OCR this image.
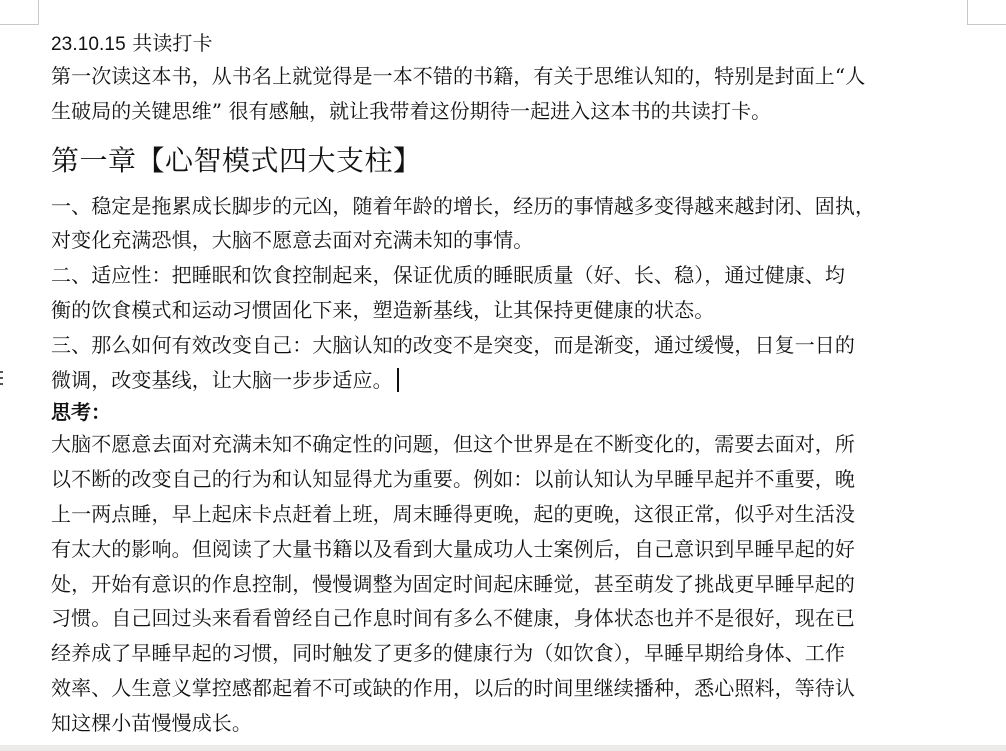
23.10.15 共读打卡
第一次读这本书，从书名上就觉得是一本不错的书籍，有关于思维认知的，特别是封面上“人
生破局的关键思维” 很有感触，就让我带着这份期待一起进入这本书的共读打卡。
第一章【心智模式四大支柱】
一、稳定是拖累成长脚步的元凶，随着年龄的增长，经历的事情越多变得越来越封闭、固执，
对变化充满恐惧，大脑不愿意去面对充满未知的事情。
二、适应性：把睡眠和饮食控制起来，保证优质的睡眠质量（好、长、稳），通过健康、均
衡的饮食模式和运动习惯固化下来，塑造新基线，让其保持更健康的状态。
三、那么如何有效改变自己：大脑认知的改变不是突变，而是渐变，通过缓慢，日复一日的
微调，改变基线，让大脑一步步适应。
思考：
大脑不愿意去面对充满未知不确定性的问题，但这个世界是在不断变化的，需要去面对，所
以不断的改变自己的行为和认知显得尤为重要。例如：以前认知认为早睡早起并不重要，晚
上一两点睡，早上起床卡点赶着上班，周末睡得更晚，起的更晚，这很正常，似乎对生活没
有太大的影响。但阅读了大量书籍以及看到大量成功人士案例后，自己意识到早睡早起的好
处，开始有意识的作息控制，慢慢调整为固定时间起床睡觉，甚至萌发了挑战更早睡早起的
习惯。自己回过头来看看曾经自己作息时间有多么不健康，身体状态也并不是很好，现在已
经养成了早睡早起的习惯，同时触发了更多的健康行为（如饮食），早睡早期给身体、工作
效率、人生意义掌控感都起着不可或缺的作用，以后的时间里继续播种，悉心照料，等待认
知这棵小苗慢慢成长。
